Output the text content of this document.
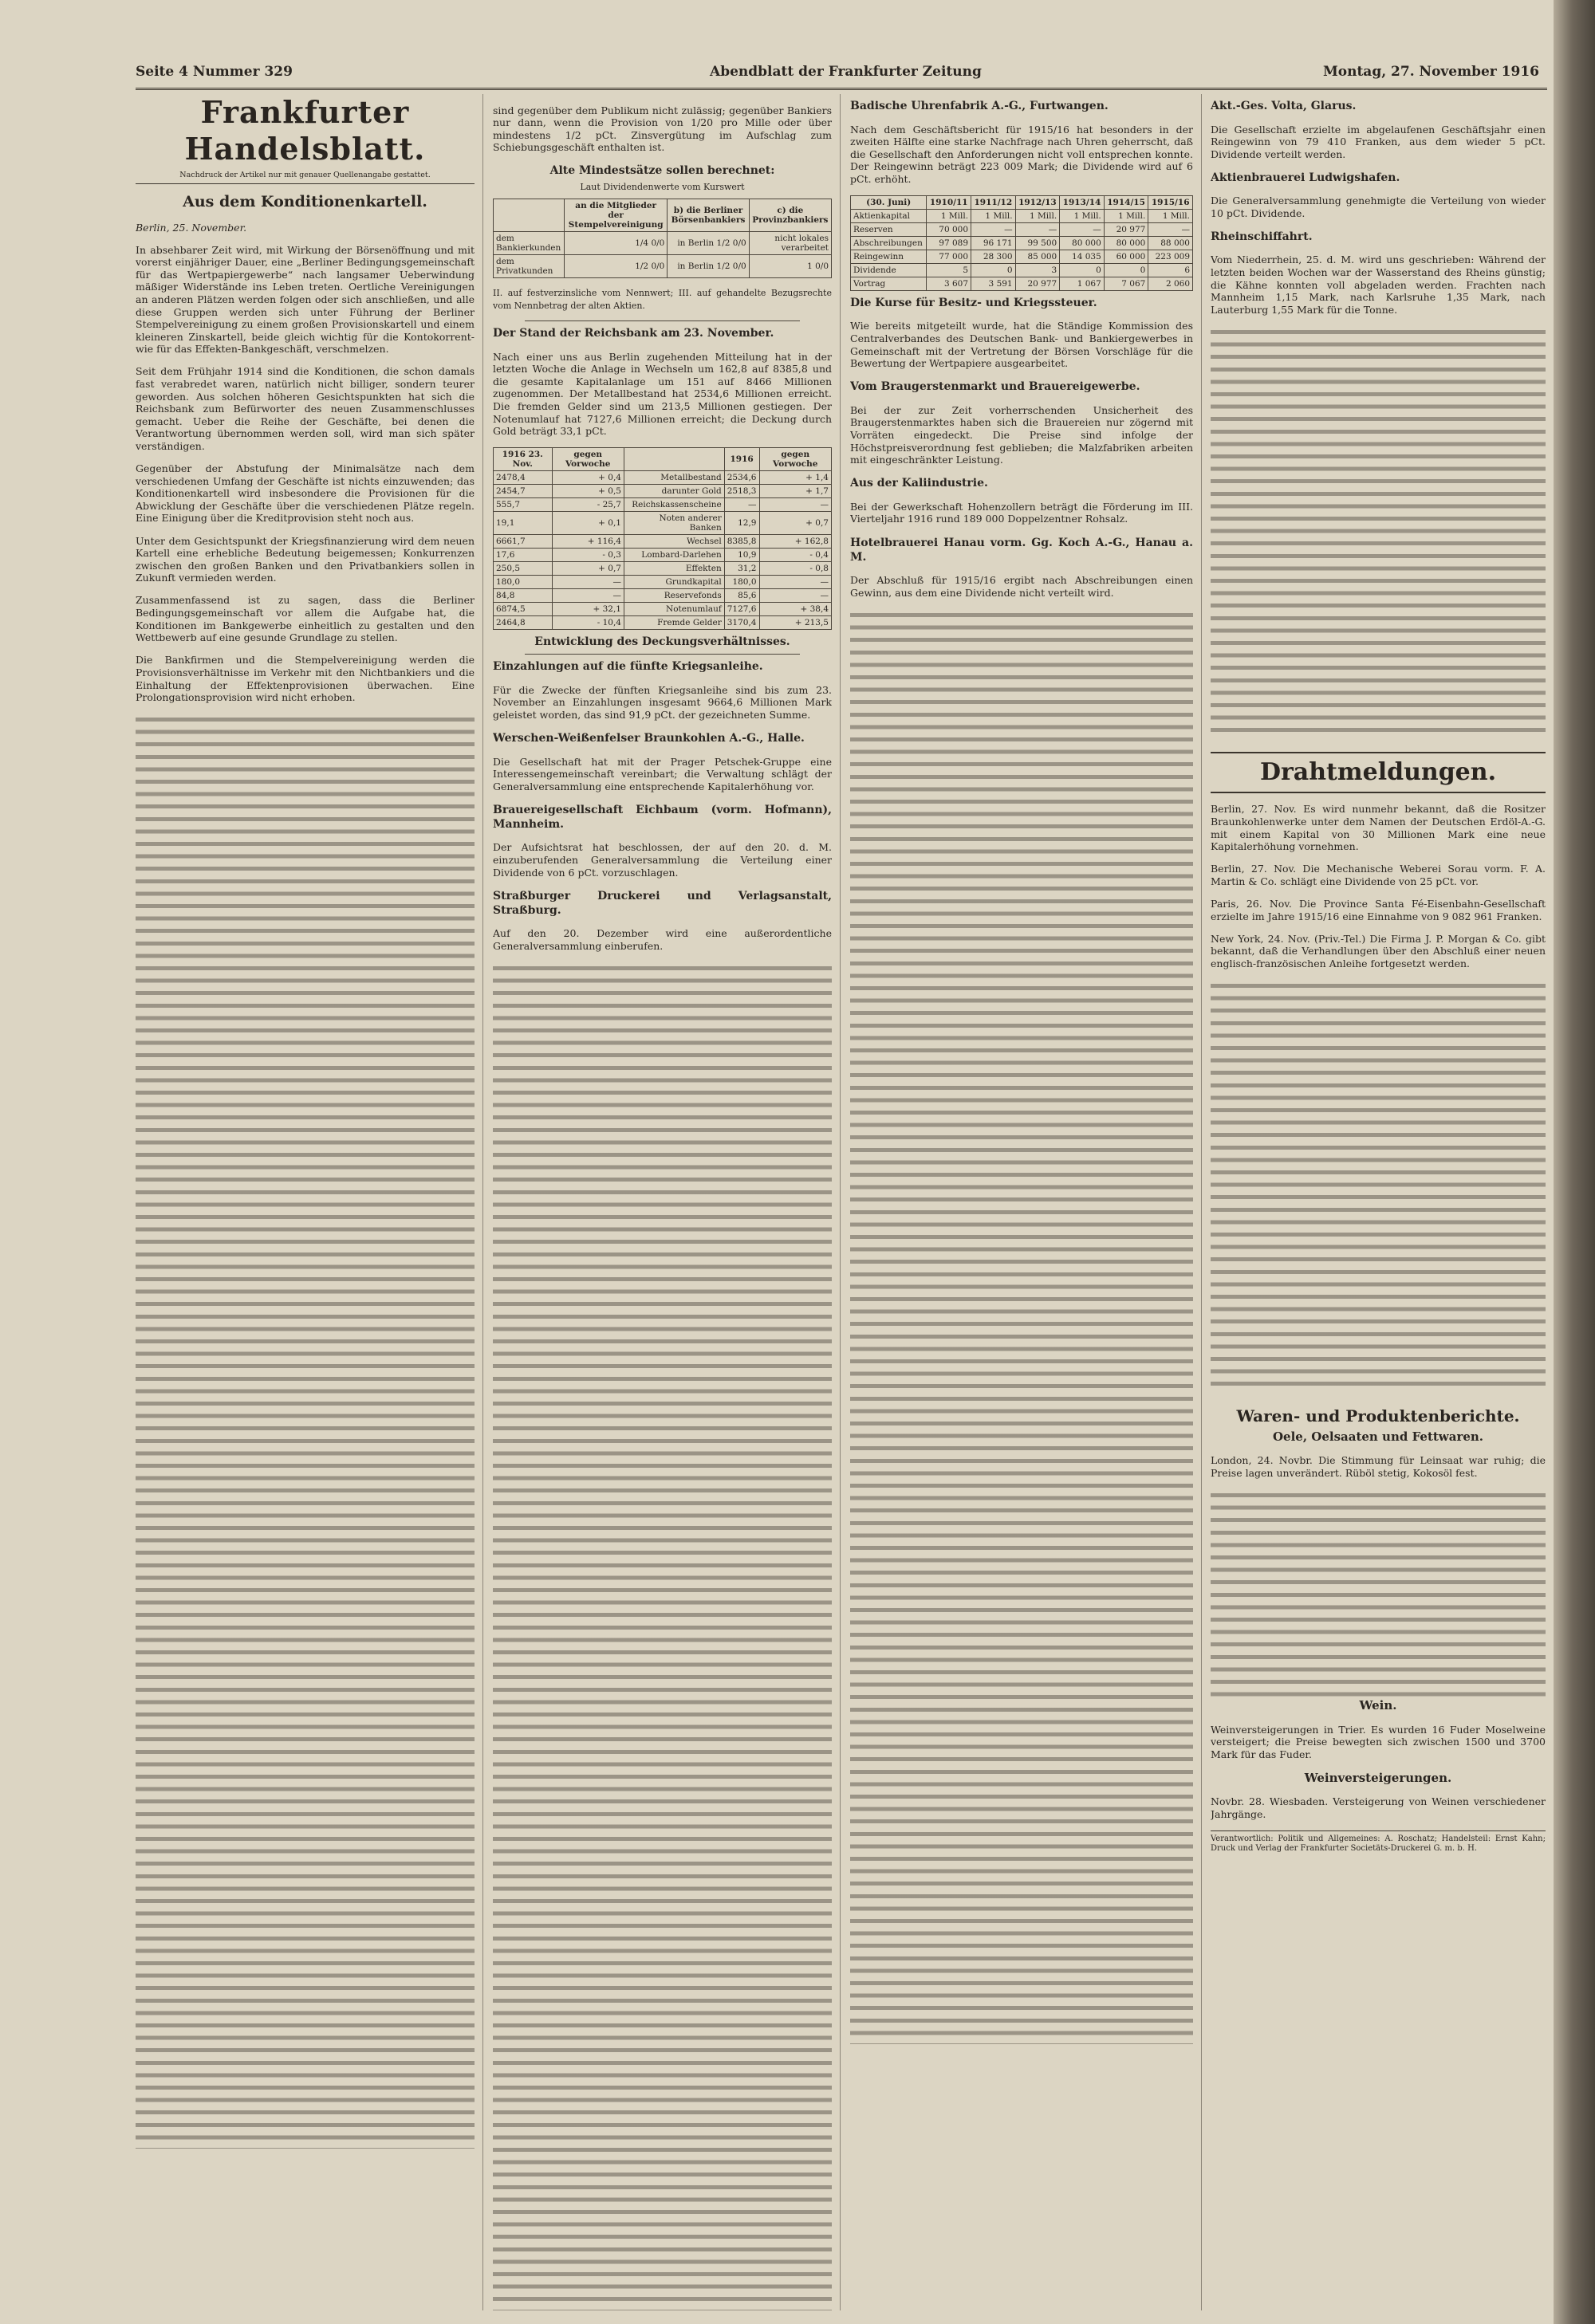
Seite 4 Nummer 329	Abendblatt der Frankfurter Zeitung	Montag, 27. November 1916
Frankfurter Handelsblatt.
Nachdruck der Artikel nur mit genauer Quellenangabe gestattet.
Aus dem Konditionenkartell.

Berlin, 25. November.

In absehbarer Zeit wird, mit Wirkung der Börsenöffnung und mit vorerst einjähriger Dauer, eine „Berliner Bedingungsgemeinschaft für das Wertpapiergewerbe“ nach langsamer Ueberwindung mäßiger Widerstände ins Leben treten. Oertliche Vereinigungen an anderen Plätzen werden folgen oder sich anschließen, und alle diese Gruppen werden sich unter Führung der Berliner Stempelvereinigung zu einem großen Provisionskartell und einem kleineren Zinskartell, beide gleich wichtig für die Kontokorrent- wie für das Effekten-Bankgeschäft, verschmelzen.

Seit dem Frühjahr 1914 sind die Konditionen, die schon damals fast verabredet waren, natürlich nicht billiger, sondern teurer geworden. Aus solchen höheren Gesichtspunkten hat sich die Reichsbank zum Befürworter des neuen Zusammenschlusses gemacht. Ueber die Reihe der Geschäfte, bei denen die Verantwortung übernommen werden soll, wird man sich später verständigen.

Gegenüber der Abstufung der Minimalsätze nach dem verschiedenen Umfang der Geschäfte ist nichts einzuwenden; das Konditionenkartell wird insbesondere die Provisionen für die Abwicklung der Geschäfte über die verschiedenen Plätze regeln. Eine Einigung über die Kreditprovision steht noch aus.

Unter dem Gesichtspunkt der Kriegsfinanzierung wird dem neuen Kartell eine erhebliche Bedeutung beigemessen; Konkurrenzen zwischen den großen Banken und den Privatbankiers sollen in Zukunft vermieden werden.

Zusammenfassend ist zu sagen, dass die Berliner Bedingungsgemeinschaft vor allem die Aufgabe hat, die Konditionen im Bankgewerbe einheitlich zu gestalten und den Wettbewerb auf eine gesunde Grundlage zu stellen.

Die Bankfirmen und die Stempelvereinigung werden die Provisionsverhältnisse im Verkehr mit den Nichtbankiers und die Einhaltung der Effektenprovisionen überwachen. Eine Prolongationsprovision wird nicht erhoben.

sind gegenüber dem Publikum nicht zulässig; gegenüber Bankiers nur dann, wenn die Provision von 1/20 pro Mille oder über mindestens 1/2 pCt. Zinsvergütung im Aufschlag zum Schiebungsgeschäft enthalten ist.

Alte Mindestsätze sollen berechnet:
Laut Dividendenwerte vom Kurswert
	an die Mitglieder der Stempelvereinigung	b) die Berliner Börsenbankiers	c) die Provinzbankiers
dem Bankierkunden	1/4 0/0	in Berlin 1/2 0/0	nicht lokales verarbeitet
dem Privatkunden	1/2 0/0	in Berlin 1/2 0/0	1 0/0

II. auf festverzinsliche vom Nennwert; III. auf gehandelte Bezugsrechte vom Nennbetrag der alten Aktien.

Der Stand der Reichsbank am 23. November.

Nach einer uns aus Berlin zugehenden Mitteilung hat in der letzten Woche die Anlage in Wechseln um 162,8 auf 8385,8 und die gesamte Kapitalanlage um 151 auf 8466 Millionen zugenommen. Der Metallbestand hat 2534,6 Millionen erreicht. Die fremden Gelder sind um 213,5 Millionen gestiegen. Der Notenumlauf hat 7127,6 Millionen erreicht; die Deckung durch Gold beträgt 33,1 pCt.

1916 23. Nov.	gegen Vorwoche		1916	gegen Vorwoche
2478,4	+ 0,4	Metallbestand	2534,6	+ 1,4
2454,7	+ 0,5	darunter Gold	2518,3	+ 1,7
555,7	- 25,7	Reichskassenscheine	—	—
19,1	+ 0,1	Noten anderer Banken	12,9	+ 0,7
6661,7	+ 116,4	Wechsel	8385,8	+ 162,8
17,6	- 0,3	Lombard-Darlehen	10,9	- 0,4
250,5	+ 0,7	Effekten	31,2	- 0,8
180,0	—	Grundkapital	180,0	—
84,8	—	Reservefonds	85,6	—
6874,5	+ 32,1	Notenumlauf	7127,6	+ 38,4
2464,8	- 10,4	Fremde Gelder	3170,4	+ 213,5
Entwicklung des Deckungsverhältnisses.
Einzahlungen auf die fünfte Kriegsanleihe.

Für die Zwecke der fünften Kriegsanleihe sind bis zum 23. November an Einzahlungen insgesamt 9664,6 Millionen Mark geleistet worden, das sind 91,9 pCt. der gezeichneten Summe.

Werschen-Weißenfelser Braunkohlen A.-G., Halle.

Die Gesellschaft hat mit der Prager Petschek-Gruppe eine Interessengemeinschaft vereinbart; die Verwaltung schlägt der Generalversammlung eine entsprechende Kapitalerhöhung vor.

Brauereigesellschaft Eichbaum (vorm. Hofmann), Mannheim.

Der Aufsichtsrat hat beschlossen, der auf den 20. d. M. einzuberufenden Generalversammlung die Verteilung einer Dividende von 6 pCt. vorzuschlagen.

Straßburger Druckerei und Verlagsanstalt, Straßburg.

Auf den 20. Dezember wird eine außerordentliche Generalversammlung einberufen.

Badische Uhrenfabrik A.-G., Furtwangen.

Nach dem Geschäftsbericht für 1915/16 hat besonders in der zweiten Hälfte eine starke Nachfrage nach Uhren geherrscht, daß die Gesellschaft den Anforderungen nicht voll entsprechen konnte. Der Reingewinn beträgt 223 009 Mark; die Dividende wird auf 6 pCt. erhöht.

(30. Juni)	1910/11	1911/12	1912/13	1913/14	1914/15	1915/16
Aktienkapital	1 Mill.	1 Mill.	1 Mill.	1 Mill.	1 Mill.	1 Mill.
Reserven	70 000	—	—	—	20 977	—
Abschreibungen	97 089	96 171	99 500	80 000	80 000	88 000
Reingewinn	77 000	28 300	85 000	14 035	60 000	223 009
Dividende	5	0	3	0	0	6
Vortrag	3 607	3 591	20 977	1 067	7 067	2 060
Die Kurse für Besitz- und Kriegssteuer.

Wie bereits mitgeteilt wurde, hat die Ständige Kommission des Centralverbandes des Deutschen Bank- und Bankiergewerbes in Gemeinschaft mit der Vertretung der Börsen Vorschläge für die Bewertung der Wertpapiere ausgearbeitet.

Vom Braugerstenmarkt und Brauereigewerbe.

Bei der zur Zeit vorherrschenden Unsicherheit des Braugerstenmarktes haben sich die Brauereien nur zögernd mit Vorräten eingedeckt. Die Preise sind infolge der Höchstpreisverordnung fest geblieben; die Malzfabriken arbeiten mit eingeschränkter Leistung.

Aus der Kaliindustrie.

Bei der Gewerkschaft Hohenzollern beträgt die Förderung im III. Vierteljahr 1916 rund 189 000 Doppelzentner Rohsalz.

Hotelbrauerei Hanau vorm. Gg. Koch A.-G., Hanau a. M.

Der Abschluß für 1915/16 ergibt nach Abschreibungen einen Gewinn, aus dem eine Dividende nicht verteilt wird.

Akt.-Ges. Volta, Glarus.

Die Gesellschaft erzielte im abgelaufenen Geschäftsjahr einen Reingewinn von 79 410 Franken, aus dem wieder 5 pCt. Dividende verteilt werden.

Aktienbrauerei Ludwigshafen.

Die Generalversammlung genehmigte die Verteilung von wieder 10 pCt. Dividende.

Rheinschiffahrt.

Vom Niederrhein, 25. d. M. wird uns geschrieben: Während der letzten beiden Wochen war der Wasserstand des Rheins günstig; die Kähne konnten voll abgeladen werden. Frachten nach Mannheim 1,15 Mark, nach Karlsruhe 1,35 Mark, nach Lauterburg 1,55 Mark für die Tonne.

Drahtmeldungen.

Berlin, 27. Nov. Es wird nunmehr bekannt, daß die Rositzer Braunkohlenwerke unter dem Namen der Deutschen Erdöl-A.-G. mit einem Kapital von 30 Millionen Mark eine neue Kapitalerhöhung vornehmen.

Berlin, 27. Nov. Die Mechanische Weberei Sorau vorm. F. A. Martin & Co. schlägt eine Dividende von 25 pCt. vor.

Paris, 26. Nov. Die Province Santa Fé-Eisenbahn-Gesellschaft erzielte im Jahre 1915/16 eine Einnahme von 9 082 961 Franken.

New York, 24. Nov. (Priv.-Tel.) Die Firma J. P. Morgan & Co. gibt bekannt, daß die Verhandlungen über den Abschluß einer neuen englisch-französischen Anleihe fortgesetzt werden.

Waren- und Produktenberichte.
Oele, Oelsaaten und Fettwaren.

London, 24. Novbr. Die Stimmung für Leinsaat war ruhig; die Preise lagen unverändert. Rüböl stetig, Kokosöl fest.

Wein.

Weinversteigerungen in Trier. Es wurden 16 Fuder Moselweine versteigert; die Preise bewegten sich zwischen 1500 und 3700 Mark für das Fuder.

Weinversteigerungen.

Novbr. 28. Wiesbaden. Versteigerung von Weinen verschiedener Jahrgänge.

Verantwortlich: Politik und Allgemeines: A. Roschatz; Handelsteil: Ernst Kahn; Druck und Verlag der Frankfurter Societäts-Druckerei G. m. b. H.
